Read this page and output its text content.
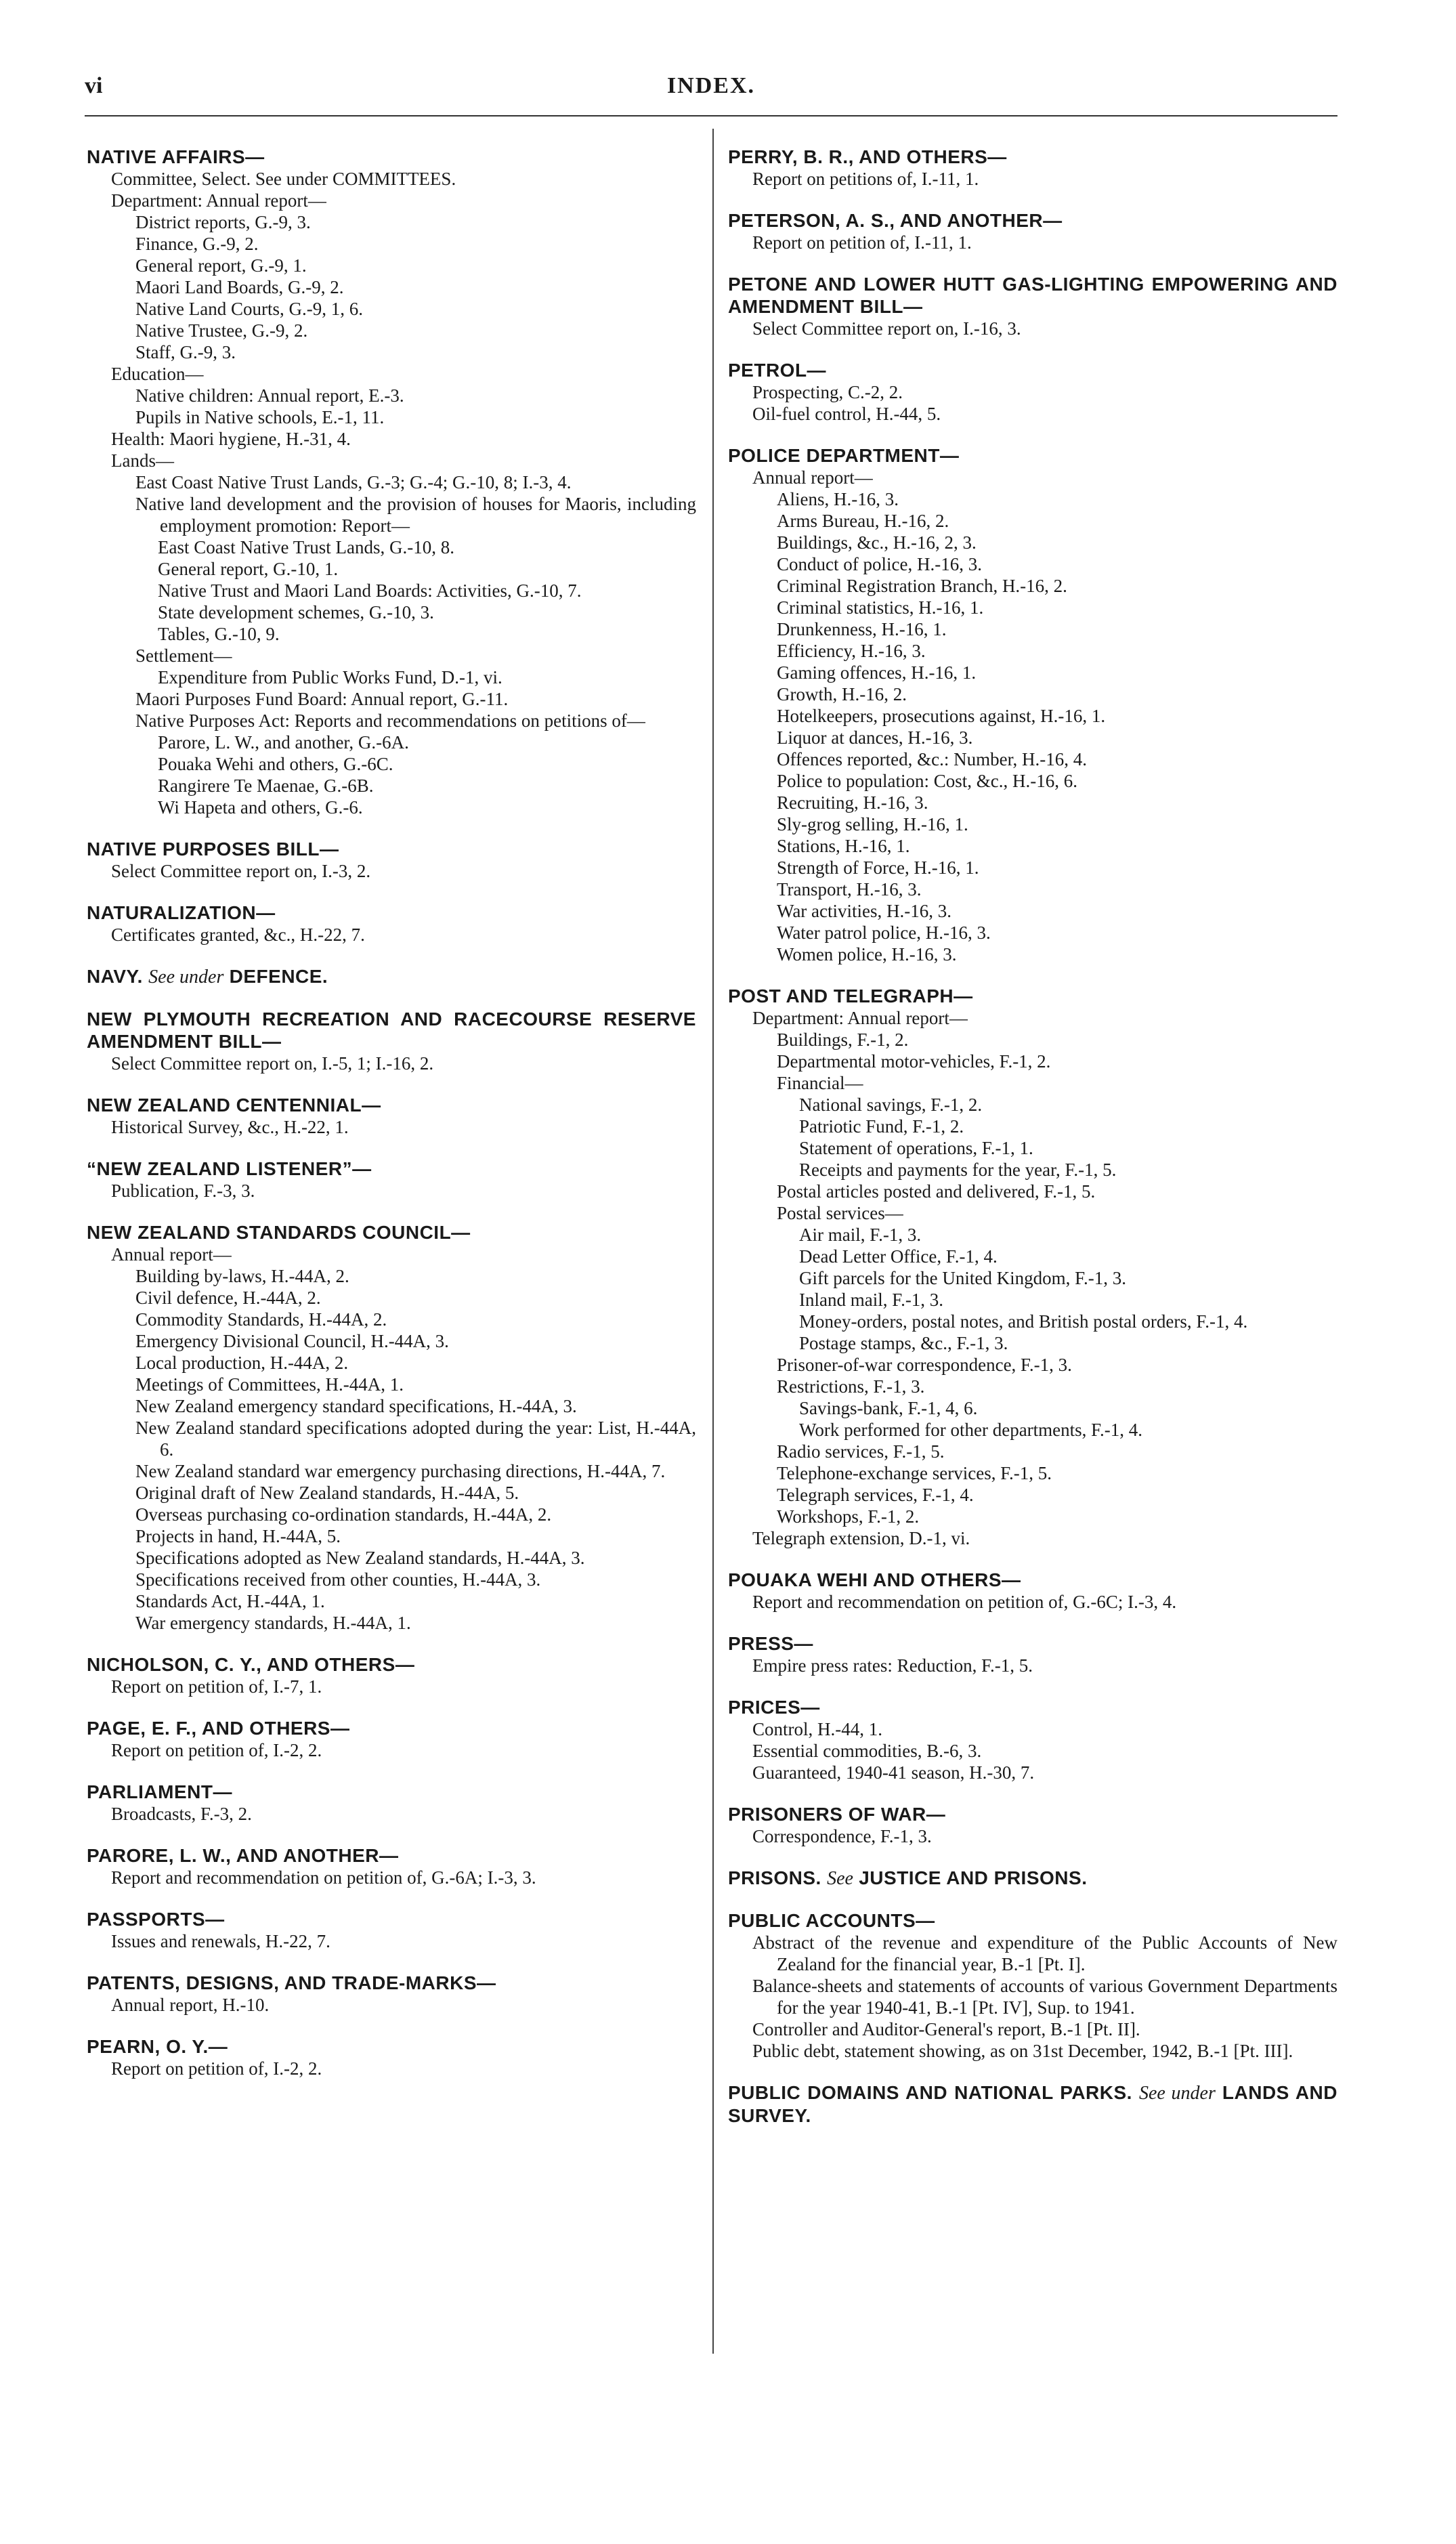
INDEX.
vi
NATIVE AFFAIRS—
Committee, Select. See under COMMITTEES.
Department: Annual report—
District reports, G.-9, 3.
Finance, G.-9, 2.
General report, G.-9, 1.
Maori Land Boards, G.-9, 2.
Native Land Courts, G.-9, 1, 6.
Native Trustee, G.-9, 2.
Staff, G.-9, 3.
Education—
Native children: Annual report, E.-3.
Pupils in Native schools, E.-1, 11.
Health: Maori hygiene, H.-31, 4.
Lands—
East Coast Native Trust Lands, G.-3; G.-4; G.-10, 8; I.-3, 4.
Native land development and the provision of houses for Maoris, including employment promotion: Report—
East Coast Native Trust Lands, G.-10, 8.
General report, G.-10, 1.
Native Trust and Maori Land Boards: Activities, G.-10, 7.
State development schemes, G.-10, 3.
Tables, G.-10, 9.
Settlement—
Expenditure from Public Works Fund, D.-1, vi.
Maori Purposes Fund Board: Annual report, G.-11.
Native Purposes Act: Reports and recommendations on petitions of—
Parore, L. W., and another, G.-6A.
Pouaka Wehi and others, G.-6C.
Rangirere Te Maenae, G.-6B.
Wi Hapeta and others, G.-6.
NATIVE PURPOSES BILL—
Select Committee report on, I.-3, 2.
NATURALIZATION—
Certificates granted, &c., H.-22, 7.
NAVY. See under DEFENCE.
NEW PLYMOUTH RECREATION AND RACECOURSE RESERVE AMENDMENT BILL—
Select Committee report on, I.-5, 1; I.-16, 2.
NEW ZEALAND CENTENNIAL—
Historical Survey, &c., H.-22, 1.
“NEW ZEALAND LISTENER”—
Publication, F.-3, 3.
NEW ZEALAND STANDARDS COUNCIL—
Annual report—
Building by-laws, H.-44A, 2.
Civil defence, H.-44A, 2.
Commodity Standards, H.-44A, 2.
Emergency Divisional Council, H.-44A, 3.
Local production, H.-44A, 2.
Meetings of Committees, H.-44A, 1.
New Zealand emergency standard specifications, H.-44A, 3.
New Zealand standard specifications adopted during the year: List, H.-44A, 6.
New Zealand standard war emergency purchasing directions, H.-44A, 7.
Original draft of New Zealand standards, H.-44A, 5.
Overseas purchasing co-ordination standards, H.-44A, 2.
Projects in hand, H.-44A, 5.
Specifications adopted as New Zealand standards, H.-44A, 3.
Specifications received from other counties, H.-44A, 3.
Standards Act, H.-44A, 1.
War emergency standards, H.-44A, 1.
NICHOLSON, C. Y., AND OTHERS—
Report on petition of, I.-7, 1.
PAGE, E. F., AND OTHERS—
Report on petition of, I.-2, 2.
PARLIAMENT—
Broadcasts, F.-3, 2.
PARORE, L. W., AND ANOTHER—
Report and recommendation on petition of, G.-6A; I.-3, 3.
PASSPORTS—
Issues and renewals, H.-22, 7.
PATENTS, DESIGNS, AND TRADE-MARKS—
Annual report, H.-10.
PEARN, O. Y.—
Report on petition of, I.-2, 2.
PERRY, B. R., AND OTHERS—
Report on petitions of, I.-11, 1.
PETERSON, A. S., AND ANOTHER—
Report on petition of, I.-11, 1.
PETONE AND LOWER HUTT GAS-LIGHTING EMPOWERING AND AMENDMENT BILL—
Select Committee report on, I.-16, 3.
PETROL—
Prospecting, C.-2, 2.
Oil-fuel control, H.-44, 5.
POLICE DEPARTMENT—
Annual report—
Aliens, H.-16, 3.
Arms Bureau, H.-16, 2.
Buildings, &c., H.-16, 2, 3.
Conduct of police, H.-16, 3.
Criminal Registration Branch, H.-16, 2.
Criminal statistics, H.-16, 1.
Drunkenness, H.-16, 1.
Efficiency, H.-16, 3.
Gaming offences, H.-16, 1.
Growth, H.-16, 2.
Hotelkeepers, prosecutions against, H.-16, 1.
Liquor at dances, H.-16, 3.
Offences reported, &c.: Number, H.-16, 4.
Police to population: Cost, &c., H.-16, 6.
Recruiting, H.-16, 3.
Sly-grog selling, H.-16, 1.
Stations, H.-16, 1.
Strength of Force, H.-16, 1.
Transport, H.-16, 3.
War activities, H.-16, 3.
Water patrol police, H.-16, 3.
Women police, H.-16, 3.
POST AND TELEGRAPH—
Department: Annual report—
Buildings, F.-1, 2.
Departmental motor-vehicles, F.-1, 2.
Financial—
National savings, F.-1, 2.
Patriotic Fund, F.-1, 2.
Statement of operations, F.-1, 1.
Receipts and payments for the year, F.-1, 5.
Postal articles posted and delivered, F.-1, 5.
Postal services—
Air mail, F.-1, 3.
Dead Letter Office, F.-1, 4.
Gift parcels for the United Kingdom, F.-1, 3.
Inland mail, F.-1, 3.
Money-orders, postal notes, and British postal orders, F.-1, 4.
Postage stamps, &c., F.-1, 3.
Prisoner-of-war correspondence, F.-1, 3.
Restrictions, F.-1, 3.
Savings-bank, F.-1, 4, 6.
Work performed for other departments, F.-1, 4.
Radio services, F.-1, 5.
Telephone-exchange services, F.-1, 5.
Telegraph services, F.-1, 4.
Workshops, F.-1, 2.
Telegraph extension, D.-1, vi.
POUAKA WEHI AND OTHERS—
Report and recommendation on petition of, G.-6C; I.-3, 4.
PRESS—
Empire press rates: Reduction, F.-1, 5.
PRICES—
Control, H.-44, 1.
Essential commodities, B.-6, 3.
Guaranteed, 1940-41 season, H.-30, 7.
PRISONERS OF WAR—
Correspondence, F.-1, 3.
PRISONS. See JUSTICE AND PRISONS.
PUBLIC ACCOUNTS—
Abstract of the revenue and expenditure of the Public Accounts of New Zealand for the financial year, B.-1 [Pt. I].
Balance-sheets and statements of accounts of various Government Departments for the year 1940-41, B.-1 [Pt. IV], Sup. to 1941.
Controller and Auditor-General's report, B.-1 [Pt. II].
Public debt, statement showing, as on 31st December, 1942, B.-1 [Pt. III].
PUBLIC DOMAINS AND NATIONAL PARKS. See under LANDS AND SURVEY.
